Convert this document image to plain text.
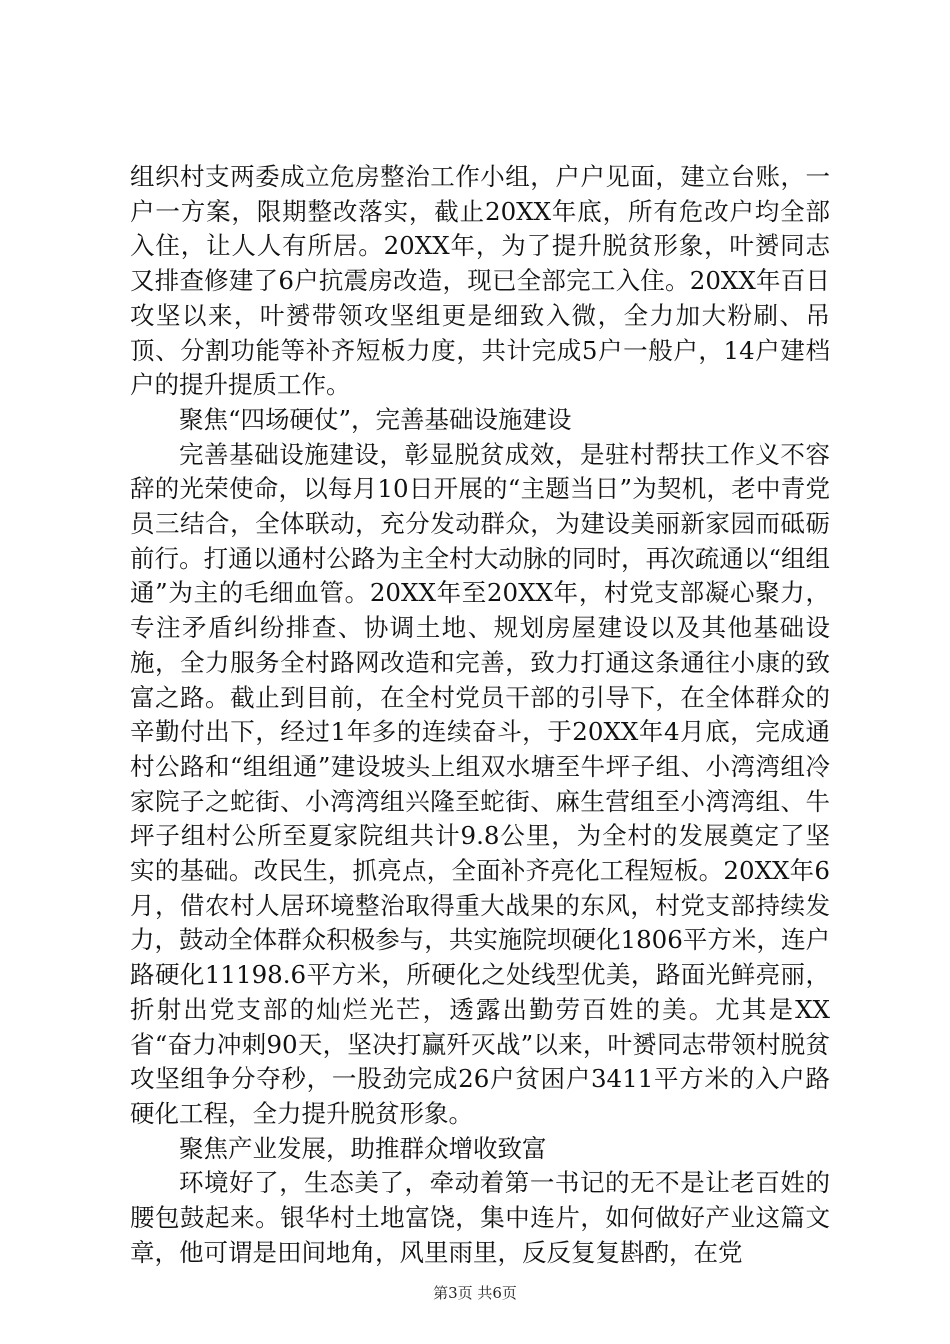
组织村支两委成立危房整治工作小组，户户见面，建立台账，一户一方案，限期整改落实，截止20XX年底，所有危改户均全部入住，让人人有所居。20XX年，为了提升脱贫形象，叶赟同志又排查修建了6户抗震房改造，现已全部完工入住。20XX年百日攻坚以来，叶赟带领攻坚组更是细致入微，全力加大粉刷、吊顶、分割功能等补齐短板力度，共计完成5户一般户，14户建档户的提升提质工作。

聚焦“四场硬仗”，完善基础设施建设

完善基础设施建设，彰显脱贫成效，是驻村帮扶工作义不容辞的光荣使命，以每月10日开展的“主题当日”为契机，老中青党员三结合，全体联动，充分发动群众，为建设美丽新家园而砥砺前行。打通以通村公路为主全村大动脉的同时，再次疏通以“组组通”为主的毛细血管。20XX年至20XX年，村党支部凝心聚力，专注矛盾纠纷排查、协调土地、规划房屋建设以及其他基础设施，全力服务全村路网改造和完善，致力打通这条通往小康的致富之路。截止到目前，在全村党员干部的引导下，在全体群众的辛勤付出下，经过1年多的连续奋斗，于20XX年4月底，完成通村公路和“组组通”建设坡头上组双水塘至牛坪子组、小湾湾组冷家院子之蛇街、小湾湾组兴隆至蛇街、麻生营组至小湾湾组、牛坪子组村公所至夏家院组共计9.8公里，为全村的发展奠定了坚实的基础。改民生，抓亮点，全面补齐亮化工程短板。20XX年6月，借农村人居环境整治取得重大战果的东风，村党支部持续发力，鼓动全体群众积极参与，共实施院坝硬化1806平方米，连户路硬化11198.6平方米，所硬化之处线型优美，路面光鲜亮丽，折射出党支部的灿烂光芒，透露出勤劳百姓的美。尤其是XX省“奋力冲刺90天，坚决打赢歼灭战”以来，叶赟同志带领村脱贫攻坚组争分夺秒，一股劲完成26户贫困户3411平方米的入户路硬化工程，全力提升脱贫形象。

聚焦产业发展，助推群众增收致富

环境好了，生态美了，牵动着第一书记的无不是让老百姓的腰包鼓起来。银华村土地富饶，集中连片，如何做好产业这篇文章，他可谓是田间地角，风里雨里，反反复复斟酌，在党

第3页 共6页
